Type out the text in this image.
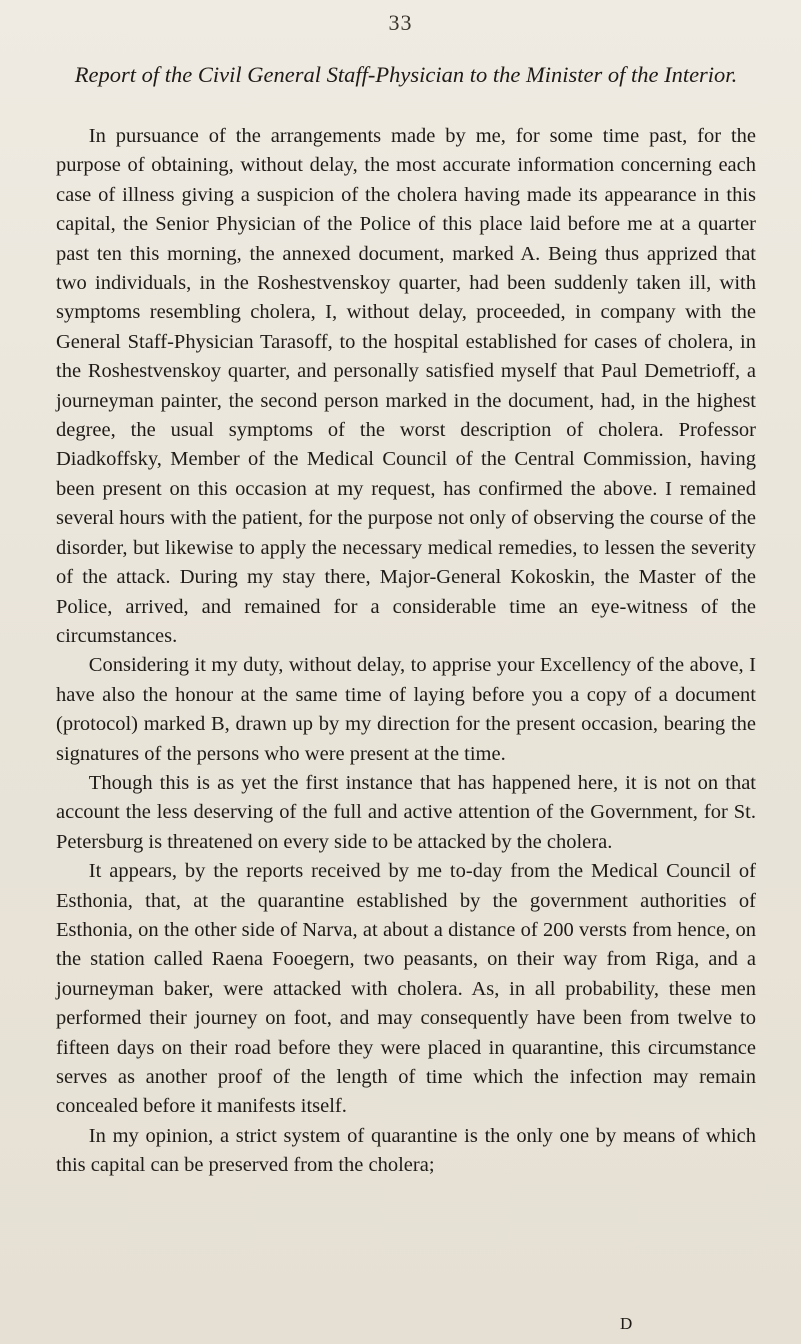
33
Report of the Civil General Staff-Physician to the Minister of the Interior.

In pursuance of the arrangements made by me, for some time past, for the purpose of obtaining, without delay, the most accurate information concerning each case of illness giving a suspicion of the cholera having made its appearance in this capital, the Senior Physician of the Police of this place laid before me at a quarter past ten this morning, the annexed document, marked A. Being thus apprized that two individuals, in the Roshestvenskoy quarter, had been suddenly taken ill, with symptoms resembling cholera, I, without delay, proceeded, in company with the General Staff-Physician Tarasoff, to the hospital established for cases of cholera, in the Roshestvenskoy quarter, and personally satisfied myself that Paul Demetrioff, a journeyman painter, the second person marked in the document, had, in the highest degree, the usual symptoms of the worst description of cholera. Professor Diadkoffsky, Member of the Medical Council of the Central Commission, having been present on this occasion at my request, has confirmed the above. I remained several hours with the patient, for the purpose not only of observing the course of the disorder, but likewise to apply the necessary medical remedies, to lessen the severity of the attack. During my stay there, Major-General Kokoskin, the Master of the Police, arrived, and remained for a considerable time an eye-witness of the circumstances.

Considering it my duty, without delay, to apprise your Excellency of the above, I have also the honour at the same time of laying before you a copy of a document (protocol) marked B, drawn up by my direction for the present occasion, bearing the signatures of the persons who were present at the time.

Though this is as yet the first instance that has happened here, it is not on that account the less deserving of the full and active attention of the Government, for St. Petersburg is threatened on every side to be attacked by the cholera.

It appears, by the reports received by me to-day from the Medical Council of Esthonia, that, at the quarantine established by the government authorities of Esthonia, on the other side of Narva, at about a distance of 200 versts from hence, on the station called Raena Fooegern, two peasants, on their way from Riga, and a journeyman baker, were attacked with cholera. As, in all probability, these men performed their journey on foot, and may consequently have been from twelve to fifteen days on their road before they were placed in quarantine, this circumstance serves as another proof of the length of time which the infection may remain concealed before it manifests itself.

In my opinion, a strict system of quarantine is the only one by means of which this capital can be preserved from the cholera;

D
